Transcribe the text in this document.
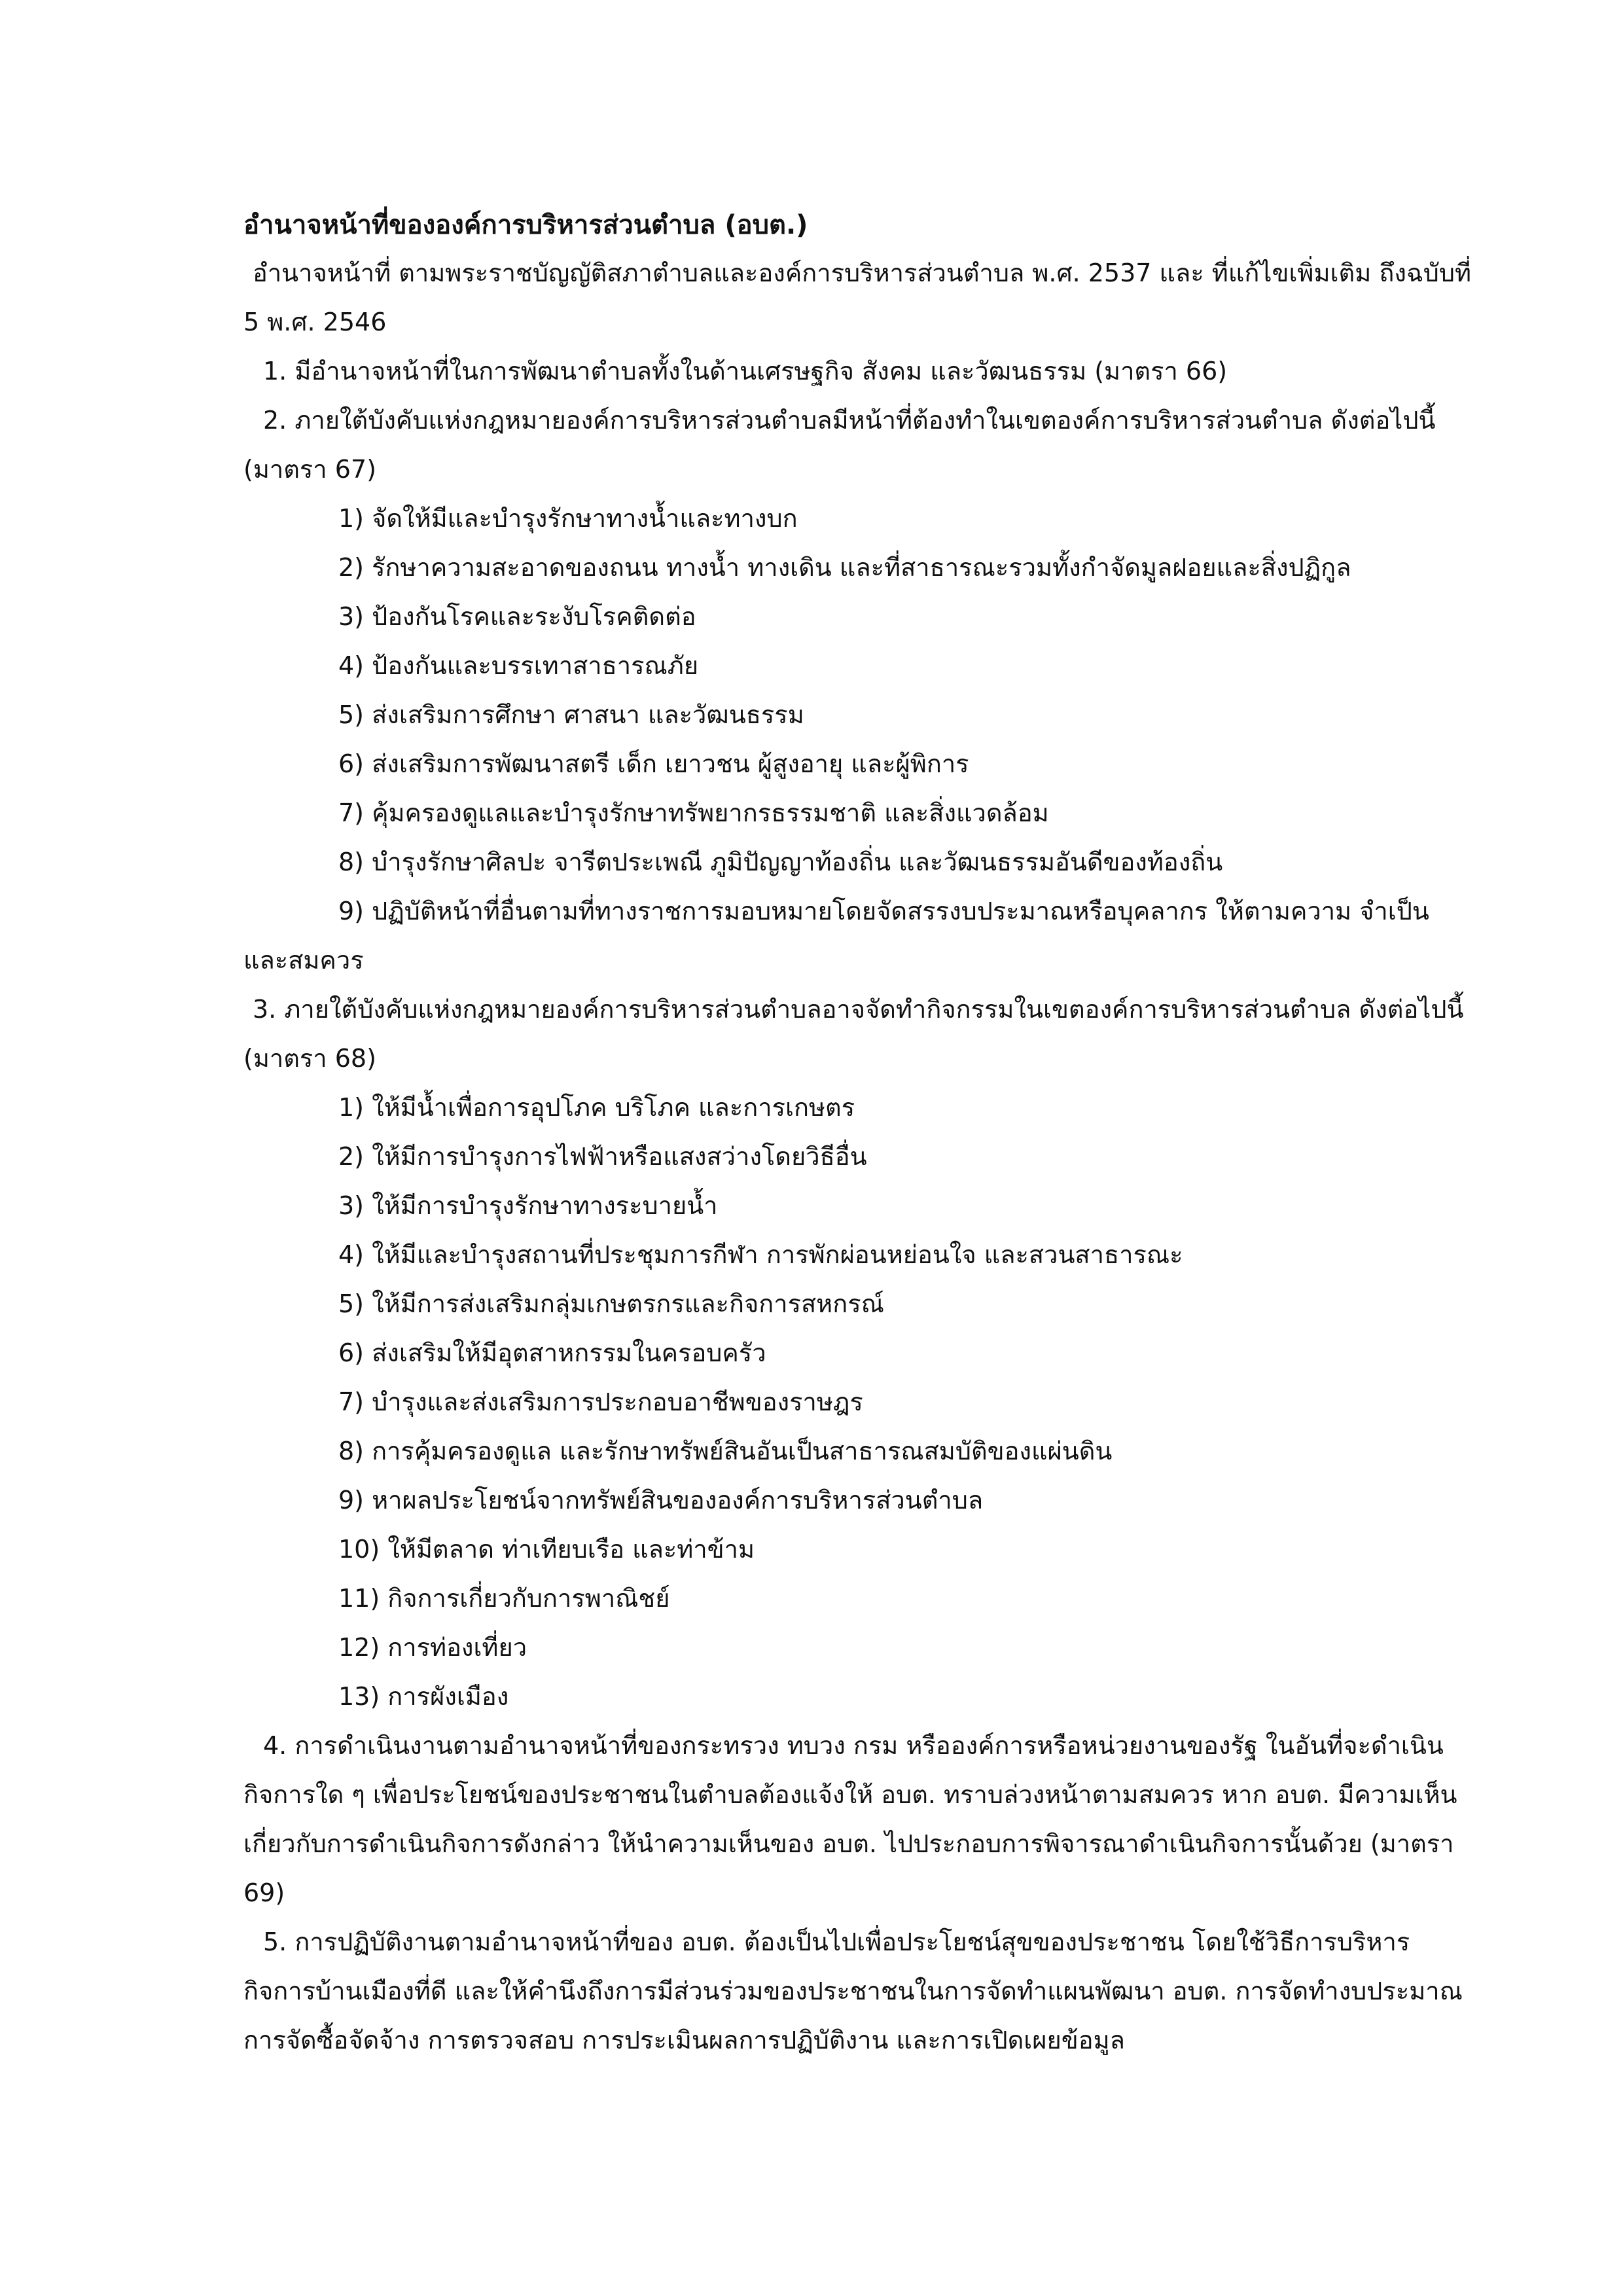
อำนาจหน้าที่ขององค์การบริหารส่วนตำบล (อบต.)

อำนาจหน้าที่ ตามพระราชบัญญัติสภาตำบลและองค์การบริหารส่วนตำบล พ.ศ. 2537 และ ที่แก้ไขเพิ่มเติม ถึงฉบับที่ 5 พ.ศ. 2546

1. มีอำนาจหน้าที่ในการพัฒนาตำบลทั้งในด้านเศรษฐกิจ สังคม และวัฒนธรรม (มาตรา 66)

2. ภายใต้บังคับแห่งกฎหมายองค์การบริหารส่วนตำบลมีหน้าที่ต้องทำในเขตองค์การบริหารส่วนตำบล ดังต่อไปนี้ (มาตรา 67)

1) จัดให้มีและบำรุงรักษาทางน้ำและทางบก

2) รักษาความสะอาดของถนน ทางน้ำ ทางเดิน และที่สาธารณะรวมทั้งกำจัดมูลฝอยและสิ่งปฏิกูล

3) ป้องกันโรคและระงับโรคติดต่อ

4) ป้องกันและบรรเทาสาธารณภัย

5) ส่งเสริมการศึกษา ศาสนา และวัฒนธรรม

6) ส่งเสริมการพัฒนาสตรี เด็ก เยาวชน ผู้สูงอายุ และผู้พิการ

7) คุ้มครองดูแลและบำรุงรักษาทรัพยากรธรรมชาติ และสิ่งแวดล้อม

8) บำรุงรักษาศิลปะ จารีตประเพณี ภูมิปัญญาท้องถิ่น และวัฒนธรรมอันดีของท้องถิ่น

9) ปฏิบัติหน้าที่อื่นตามที่ทางราชการมอบหมายโดยจัดสรรงบประมาณหรือบุคลากร ให้ตามความ จำเป็นและสมควร

3. ภายใต้บังคับแห่งกฎหมายองค์การบริหารส่วนตำบลอาจจัดทำกิจกรรมในเขตองค์การบริหารส่วนตำบล ดังต่อไปนี้ (มาตรา 68)

1) ให้มีน้ำเพื่อการอุปโภค บริโภค และการเกษตร

2) ให้มีการบำรุงการไฟฟ้าหรือแสงสว่างโดยวิธีอื่น

3) ให้มีการบำรุงรักษาทางระบายน้ำ

4) ให้มีและบำรุงสถานที่ประชุมการกีฬา การพักผ่อนหย่อนใจ และสวนสาธารณะ

5) ให้มีการส่งเสริมกลุ่มเกษตรกรและกิจการสหกรณ์

6) ส่งเสริมให้มีอุตสาหกรรมในครอบครัว

7) บำรุงและส่งเสริมการประกอบอาชีพของราษฎร

8) การคุ้มครองดูแล และรักษาทรัพย์สินอันเป็นสาธารณสมบัติของแผ่นดิน

9) หาผลประโยชน์จากทรัพย์สินขององค์การบริหารส่วนตำบล

10) ให้มีตลาด ท่าเทียบเรือ และท่าข้าม

11) กิจการเกี่ยวกับการพาณิชย์

12) การท่องเที่ยว

13) การผังเมือง

4. การดำเนินงานตามอำนาจหน้าที่ของกระทรวง ทบวง กรม หรือองค์การหรือหน่วยงานของรัฐ ในอันที่จะดำเนินกิจการใด ๆ เพื่อประโยชน์ของประชาชนในตำบลต้องแจ้งให้ อบต. ทราบล่วงหน้าตามสมควร หาก อบต. มีความเห็นเกี่ยวกับการดำเนินกิจการดังกล่าว ให้นำความเห็นของ อบต. ไปประกอบการพิจารณาดำเนินกิจการนั้นด้วย (มาตรา 69)

5. การปฏิบัติงานตามอำนาจหน้าที่ของ อบต. ต้องเป็นไปเพื่อประโยชน์สุขของประชาชน โดยใช้วิธีการบริหารกิจการบ้านเมืองที่ดี และให้คำนึงถึงการมีส่วนร่วมของประชาชนในการจัดทำแผนพัฒนา อบต. การจัดทำงบประมาณ การจัดซื้อจัดจ้าง การตรวจสอบ การประเมินผลการปฏิบัติงาน และการเปิดเผยข้อมูล
